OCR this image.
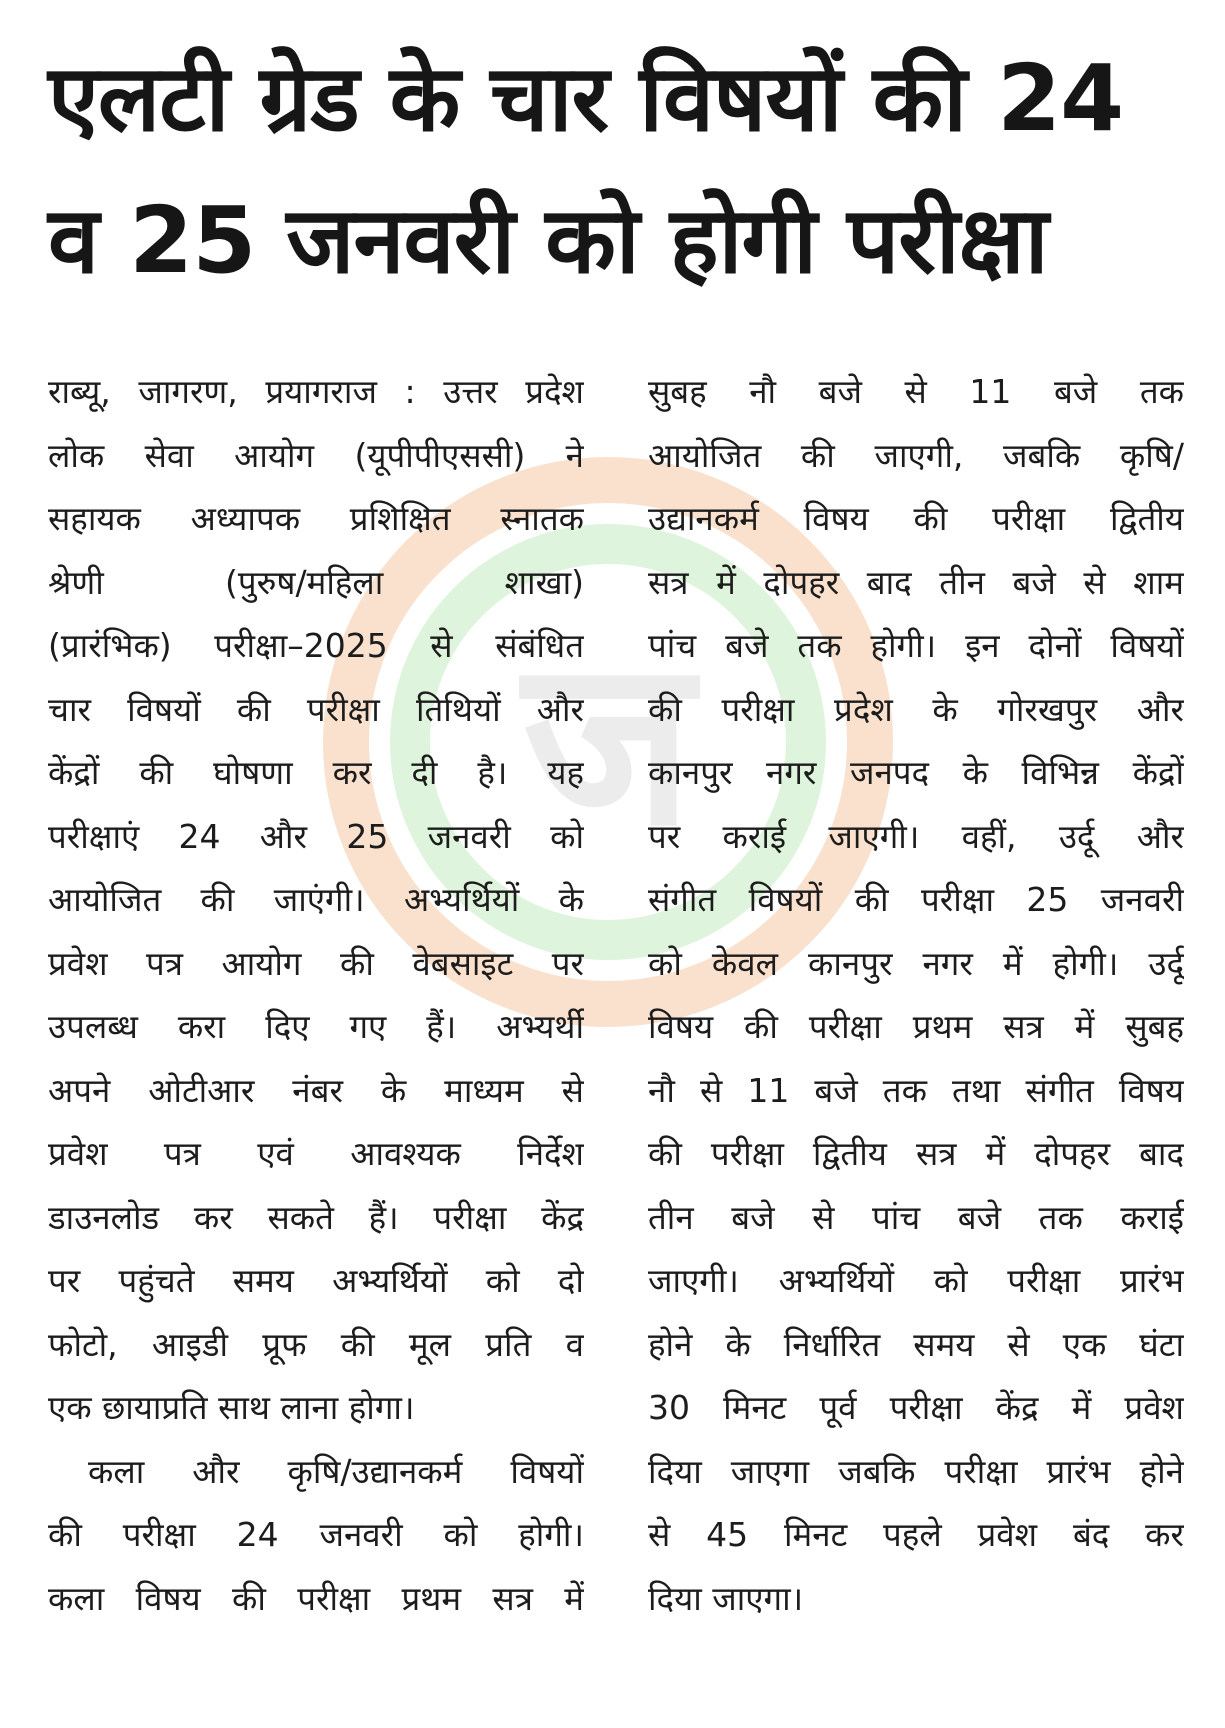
एलटी ग्रेड के चार विषयों की 24
व 25 जनवरी को होगी परीक्षा
ज
राब्यू, जागरण, प्रयागराज : उत्तर प्रदेश
लोक सेवा आयोग (यूपीपीएससी) ने
सहायक अध्यापक प्रशिक्षित स्नातक
श्रेणी (पुरुष/महिला शाखा)
(प्रारंभिक) परीक्षा–2025 से संबंधित
चार विषयों की परीक्षा तिथियों और
केंद्रों की घोषणा कर दी है। यह
परीक्षाएं 24 और 25 जनवरी को
आयोजित की जाएंगी। अभ्यर्थियों के
प्रवेश पत्र आयोग की वेबसाइट पर
उपलब्ध करा दिए गए हैं। अभ्यर्थी
अपने ओटीआर नंबर के माध्यम से
प्रवेश पत्र एवं आवश्यक निर्देश
डाउनलोड कर सकते हैं। परीक्षा केंद्र
पर पहुंचते समय अभ्यर्थियों को दो
फोटो, आइडी प्रूफ की मूल प्रति व
एक छायाप्रति साथ लाना होगा।
कला और कृषि/उद्यानकर्म विषयों
की परीक्षा 24 जनवरी को होगी।
कला विषय की परीक्षा प्रथम सत्र में
सुबह नौ बजे से 11 बजे तक
आयोजित की जाएगी, जबकि कृषि/
उद्यानकर्म विषय की परीक्षा द्वितीय
सत्र में दोपहर बाद तीन बजे से शाम
पांच बजे तक होगी। इन दोनों विषयों
की परीक्षा प्रदेश के गोरखपुर और
कानपुर नगर जनपद के विभिन्न केंद्रों
पर कराई जाएगी। वहीं, उर्दू और
संगीत विषयों की परीक्षा 25 जनवरी
को केवल कानपुर नगर में होगी। उर्दू
विषय की परीक्षा प्रथम सत्र में सुबह
नौ से 11 बजे तक तथा संगीत विषय
की परीक्षा द्वितीय सत्र में दोपहर बाद
तीन बजे से पांच बजे तक कराई
जाएगी। अभ्यर्थियों को परीक्षा प्रारंभ
होने के निर्धारित समय से एक घंटा
30 मिनट पूर्व परीक्षा केंद्र में प्रवेश
दिया जाएगा जबकि परीक्षा प्रारंभ होने
से 45 मिनट पहले प्रवेश बंद कर
दिया जाएगा।
